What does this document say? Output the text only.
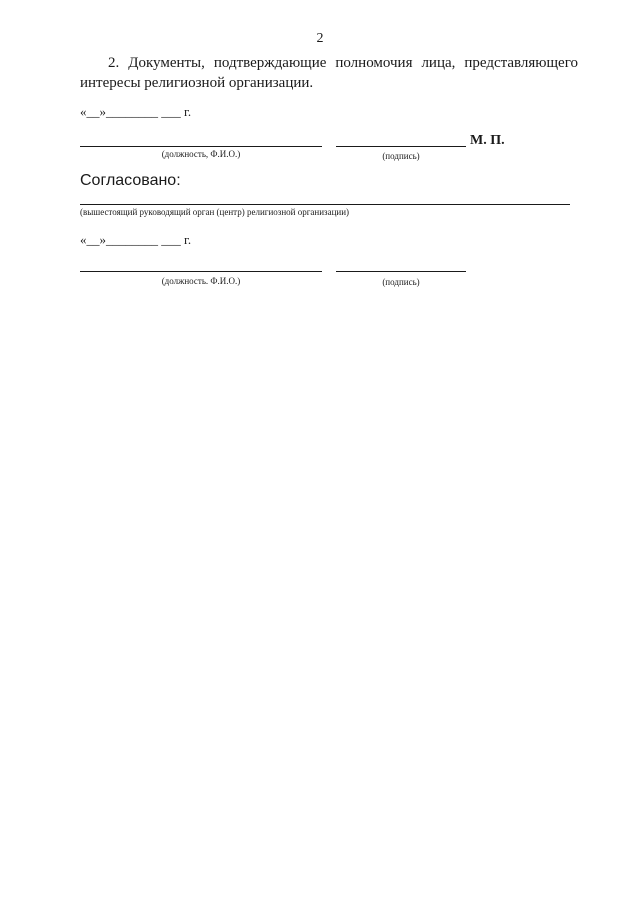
2
2. Документы, подтверждающие полномочия лица, представляющего интересы религиозной организации.
«__»________ ___ г.
(должность, Ф.И.О.)	(подпись)
М. П.
Согласовано:
(вышестоящий руководящий орган (центр) религиозной организации)
«__»________ ___ г.
(должность. Ф.И.О.)	(подпись)
